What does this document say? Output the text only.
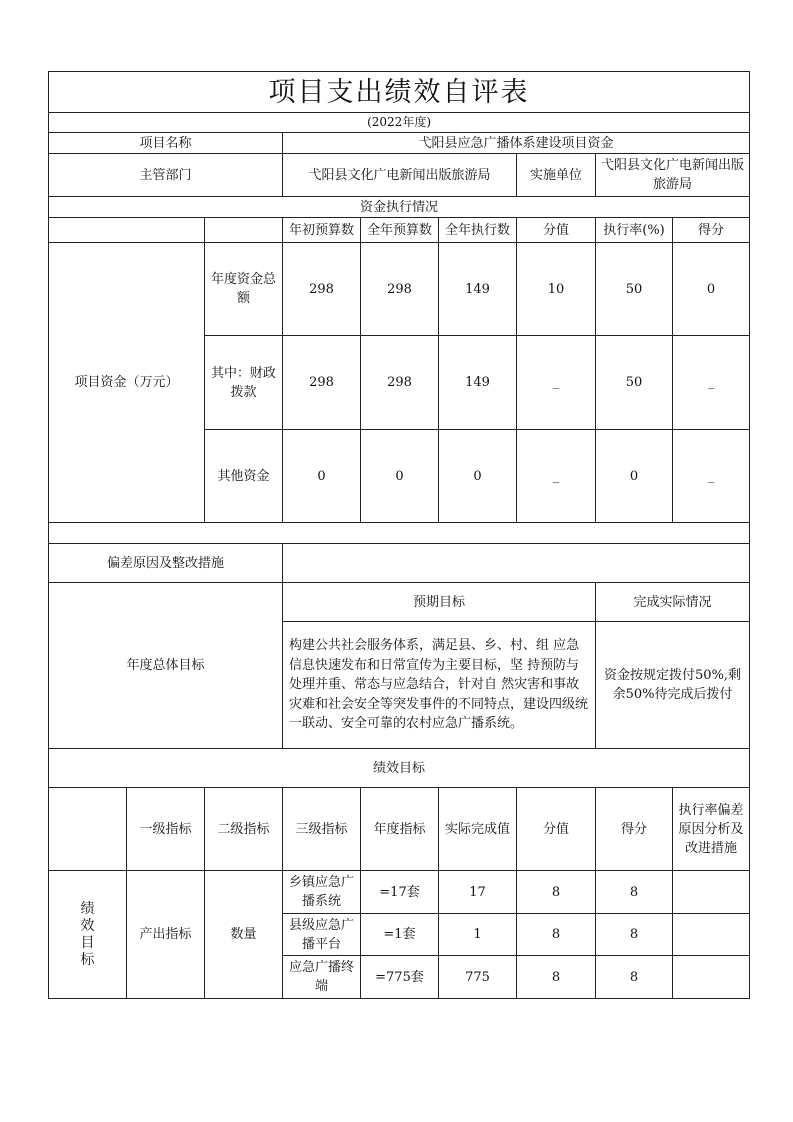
项目支出绩效自评表								
(2022年度)								
项目名称			弋阳县应急广播体系建设项目资金					
主管部门			弋阳县文化广电新闻出版旅游局			实施单位	弋阳县文化广电新闻出版旅游局	
资金执行情况								
			年初预算数	全年预算数	全年执行数	分值	执行率(%)	得分
项目资金（万元）		年度资金总额	298	298	149	10	50	0
		其中：财政拨款	298	298	149	_	50	_
		其他资金	0	0	0	_	0	_

偏差原因及整改措施								
年度总体目标			预期目标				完成实际情况	
			构建公共社会服务体系，满足县、乡、村、组 应急信息快速发布和日常宣传为主要目标，坚 持预防与处理并重、常态与应急结合，针对自 然灾害和事故灾难和社会安全等突发事件的不同特点，建设四级统一联动、安全可靠的农村应急广播系统。				资金按规定拨付50%,剩余50%待完成后拨付	
绩效目标								
	一级指标	二级指标	三级指标	年度指标	实际完成值	分值	得分	执行率偏差原因分析及改进措施

绩效目标	产出指标	数量	乡镇应急广播系统	=17套	17	8	8	
			县级应急广播平台	=1套	1	8	8	
			应急广播终端	=775套	775	8	8	
